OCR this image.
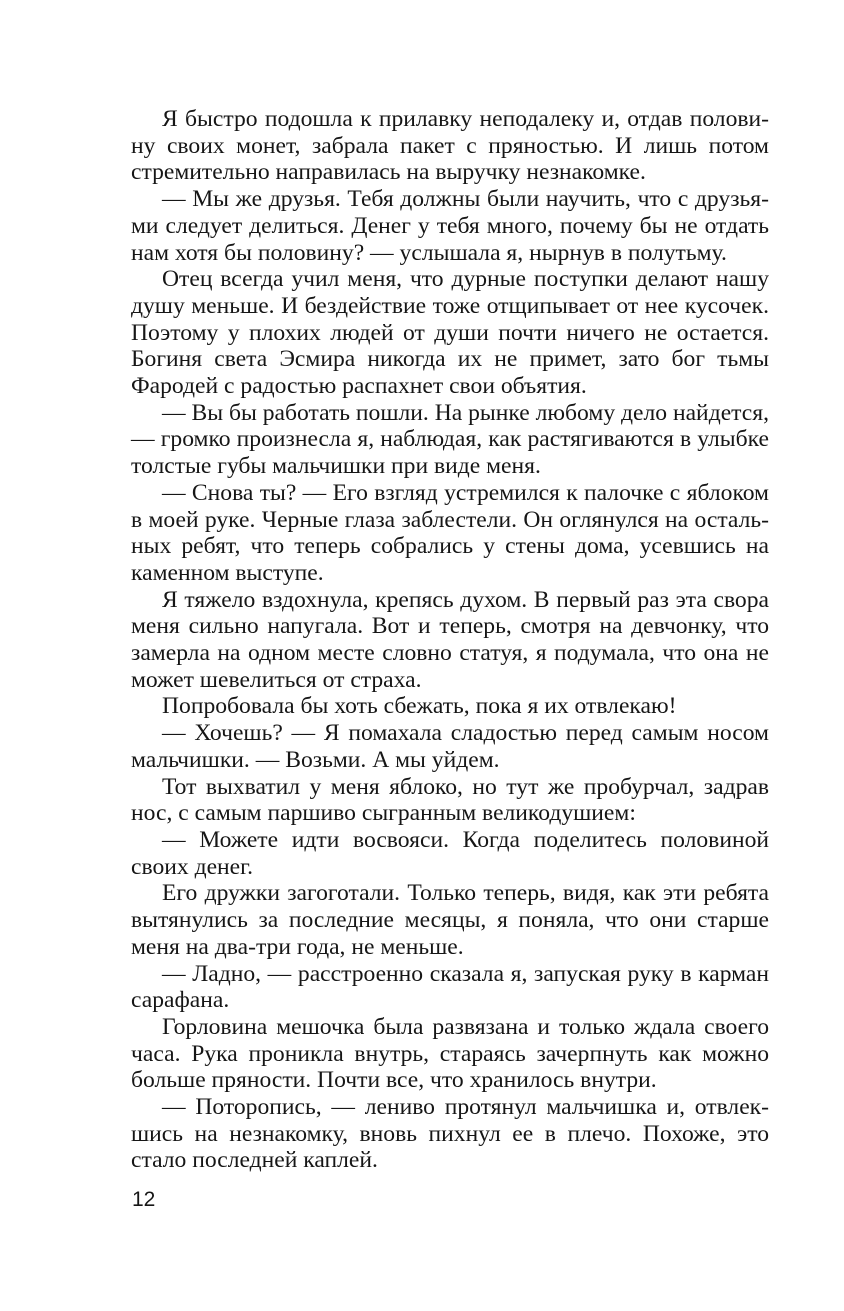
Я быстро подошла к прилавку неподалеку и, отдав половину своих монет, забрала пакет с пряностью. И лишь потом стремительно направилась на выручку незнакомке.

— Мы же друзья. Тебя должны были научить, что с друзьями следует делиться. Денег у тебя много, почему бы не отдать нам хотя бы половину? — услышала я, нырнув в полутьму.

Отец всегда учил меня, что дурные поступки делают нашу душу меньше. И бездействие тоже отщипывает от нее кусочек. Поэтому у плохих людей от души почти ничего не остается. Богиня света Эсмира никогда их не примет, зато бог тьмы Фародей с радостью распахнет свои объятия.

— Вы бы работать пошли. На рынке любому дело найдется, — громко произнесла я, наблюдая, как растягиваются в улыбке толстые губы мальчишки при виде меня.

— Снова ты? — Его взгляд устремился к палочке с яблоком в моей руке. Черные глаза заблестели. Он оглянулся на остальных ребят, что теперь собрались у стены дома, усевшись на каменном выступе.

Я тяжело вздохнула, крепясь духом. В первый раз эта свора меня сильно напугала. Вот и теперь, смотря на девчонку, что замерла на одном месте словно статуя, я подумала, что она не может шевелиться от страха.

Попробовала бы хоть сбежать, пока я их отвлекаю!

— Хочешь? — Я помахала сладостью перед самым носом мальчишки. — Возьми. А мы уйдем.

Тот выхватил у меня яблоко, но тут же пробурчал, задрав нос, с самым паршиво сыгранным великодушием:

— Можете идти восвояси. Когда поделитесь половиной своих денег.

Его дружки загоготали. Только теперь, видя, как эти ребята вытянулись за последние месяцы, я поняла, что они старше меня на два-три года, не меньше.

— Ладно, — расстроенно сказала я, запуская руку в карман сарафана.

Горловина мешочка была развязана и только ждала своего часа. Рука проникла внутрь, стараясь зачерпнуть как можно больше пряности. Почти все, что хранилось внутри.

— Поторопись, — лениво протянул мальчишка и, отвлекшись на незнакомку, вновь пихнул ее в плечо. Похоже, это стало последней каплей.

12
